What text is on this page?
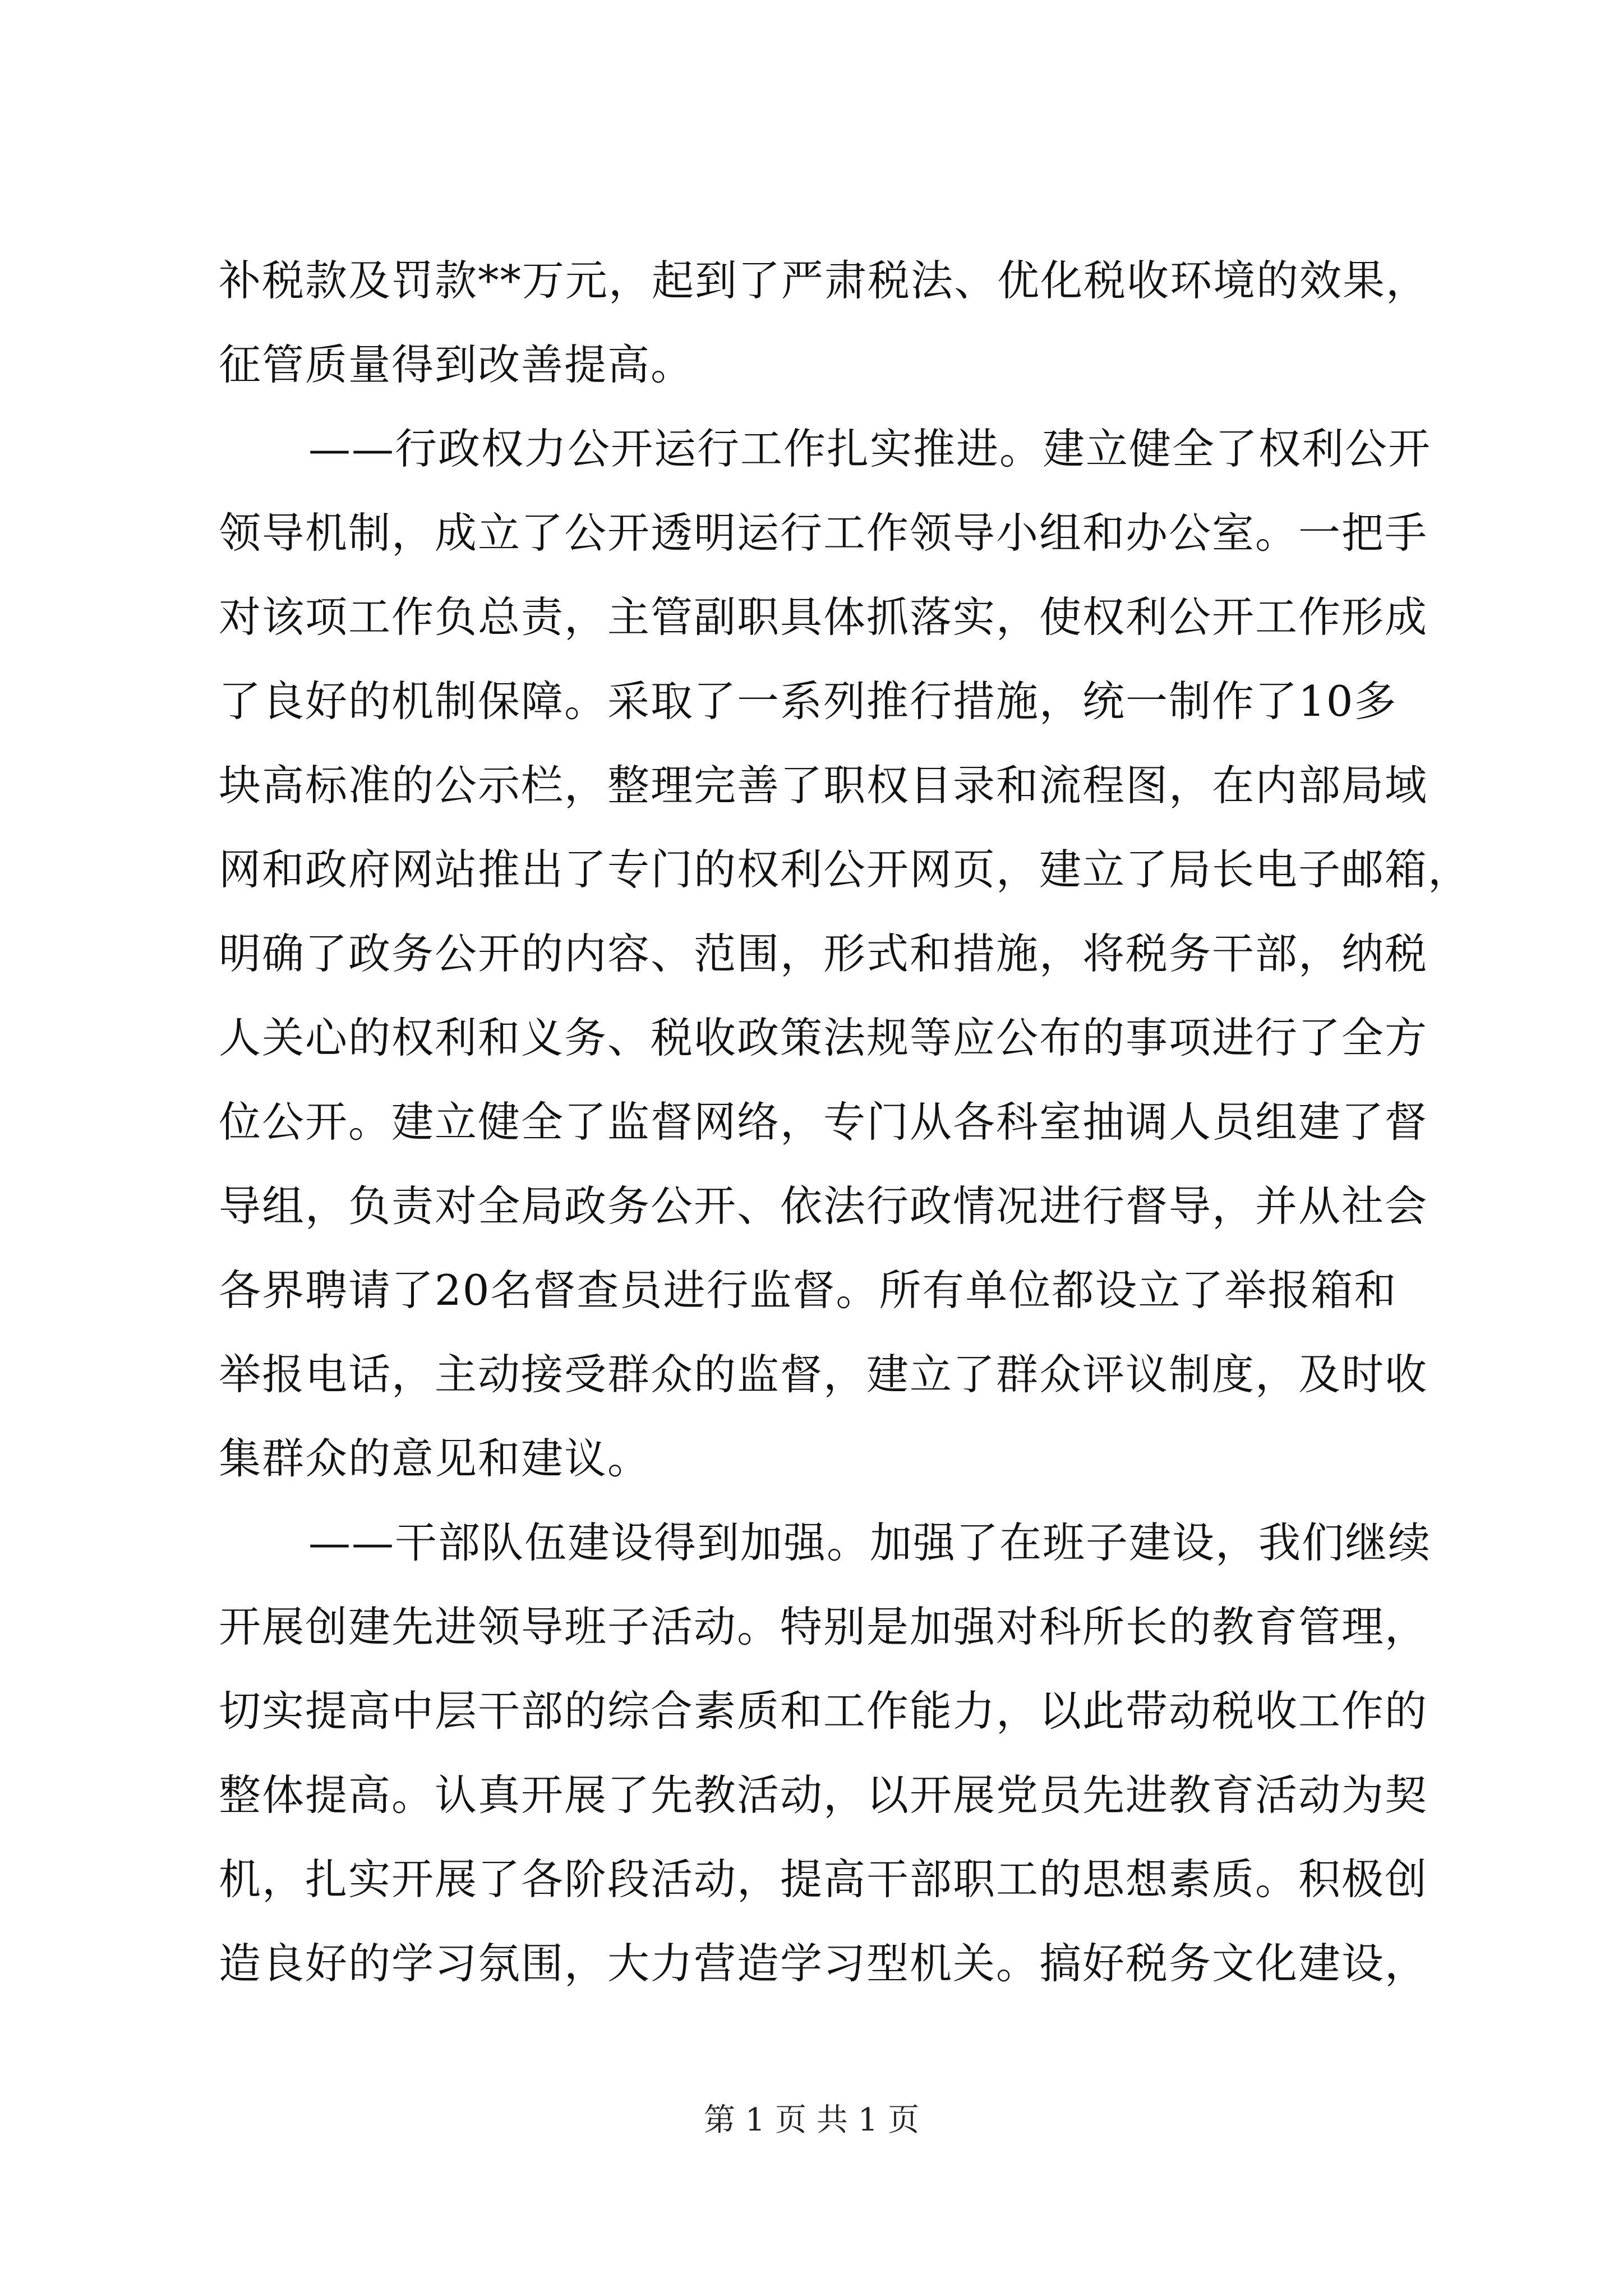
补税款及罚款**万元，起到了严肃税法、优化税收环境的效果，
征管质量得到改善提高。
——行政权力公开运行工作扎实推进。建立健全了权利公开
领导机制，成立了公开透明运行工作领导小组和办公室。一把手
对该项工作负总责，主管副职具体抓落实，使权利公开工作形成
了良好的机制保障。采取了一系列推行措施，统一制作了10多
块高标准的公示栏，整理完善了职权目录和流程图，在内部局域
网和政府网站推出了专门的权利公开网页，建立了局长电子邮箱，
明确了政务公开的内容、范围，形式和措施，将税务干部，纳税
人关心的权利和义务、税收政策法规等应公布的事项进行了全方
位公开。建立健全了监督网络，专门从各科室抽调人员组建了督
导组，负责对全局政务公开、依法行政情况进行督导，并从社会
各界聘请了20名督查员进行监督。所有单位都设立了举报箱和
举报电话，主动接受群众的监督，建立了群众评议制度，及时收
集群众的意见和建议。
——干部队伍建设得到加强。加强了在班子建设，我们继续
开展创建先进领导班子活动。特别是加强对科所长的教育管理，
切实提高中层干部的综合素质和工作能力，以此带动税收工作的
整体提高。认真开展了先教活动，以开展党员先进教育活动为契
机，扎实开展了各阶段活动，提高干部职工的思想素质。积极创
造良好的学习氛围，大力营造学习型机关。搞好税务文化建设，
第 1 页 共 1 页
